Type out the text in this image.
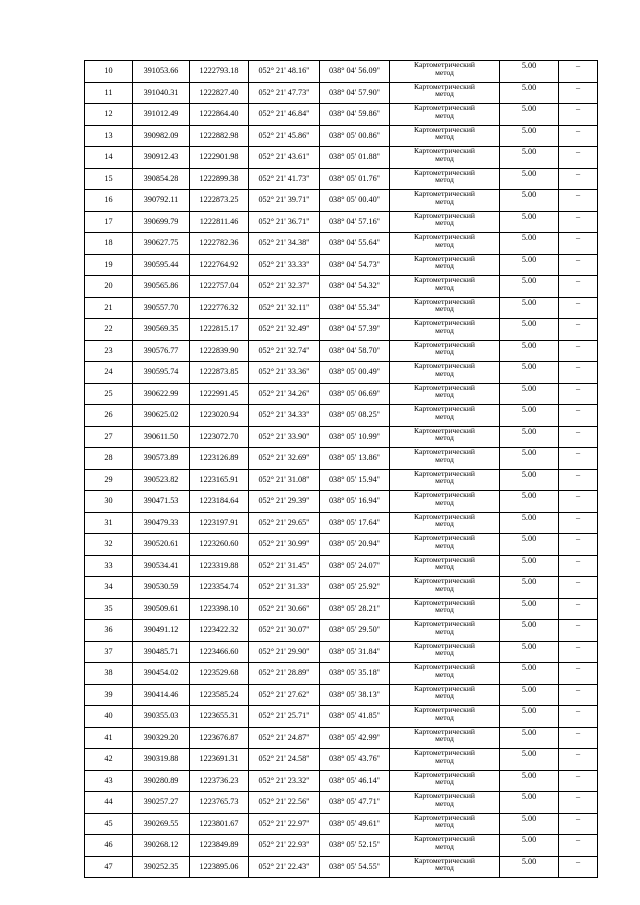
10	391053.66	1222793.18	052° 21' 48.16"	038° 04' 56.09"	Картометрический
метод	5.00	–
11	391040.31	1222827.40	052° 21' 47.73"	038° 04' 57.90"	Картометрический
метод	5.00	–
12	391012.49	1222864.40	052° 21' 46.84"	038° 04' 59.86"	Картометрический
метод	5.00	–
13	390982.09	1222882.98	052° 21' 45.86"	038° 05' 00.86"	Картометрический
метод	5.00	–
14	390912.43	1222901.98	052° 21' 43.61"	038° 05' 01.88"	Картометрический
метод	5.00	–
15	390854.28	1222899.38	052° 21' 41.73"	038° 05' 01.76"	Картометрический
метод	5.00	–
16	390792.11	1222873.25	052° 21' 39.71"	038° 05' 00.40"	Картометрический
метод	5.00	–
17	390699.79	1222811.46	052° 21' 36.71"	038° 04' 57.16"	Картометрический
метод	5.00	–
18	390627.75	1222782.36	052° 21' 34.38"	038° 04' 55.64"	Картометрический
метод	5.00	–
19	390595.44	1222764.92	052° 21' 33.33"	038° 04' 54.73"	Картометрический
метод	5.00	–
20	390565.86	1222757.04	052° 21' 32.37"	038° 04' 54.32"	Картометрический
метод	5.00	–
21	390557.70	1222776.32	052° 21' 32.11"	038° 04' 55.34"	Картометрический
метод	5.00	–
22	390569.35	1222815.17	052° 21' 32.49"	038° 04' 57.39"	Картометрический
метод	5.00	–
23	390576.77	1222839.90	052° 21' 32.74"	038° 04' 58.70"	Картометрический
метод	5.00	–
24	390595.74	1222873.85	052° 21' 33.36"	038° 05' 00.49"	Картометрический
метод	5.00	–
25	390622.99	1222991.45	052° 21' 34.26"	038° 05' 06.69"	Картометрический
метод	5.00	–
26	390625.02	1223020.94	052° 21' 34.33"	038° 05' 08.25"	Картометрический
метод	5.00	–
27	390611.50	1223072.70	052° 21' 33.90"	038° 05' 10.99"	Картометрический
метод	5.00	–
28	390573.89	1223126.89	052° 21' 32.69"	038° 05' 13.86"	Картометрический
метод	5.00	–
29	390523.82	1223165.91	052° 21' 31.08"	038° 05' 15.94"	Картометрический
метод	5.00	–
30	390471.53	1223184.64	052° 21' 29.39"	038° 05' 16.94"	Картометрический
метод	5.00	–
31	390479.33	1223197.91	052° 21' 29.65"	038° 05' 17.64"	Картометрический
метод	5.00	–
32	390520.61	1223260.60	052° 21' 30.99"	038° 05' 20.94"	Картометрический
метод	5.00	–
33	390534.41	1223319.88	052° 21' 31.45"	038° 05' 24.07"	Картометрический
метод	5.00	–
34	390530.59	1223354.74	052° 21' 31.33"	038° 05' 25.92"	Картометрический
метод	5.00	–
35	390509.61	1223398.10	052° 21' 30.66"	038° 05' 28.21"	Картометрический
метод	5.00	–
36	390491.12	1223422.32	052° 21' 30.07"	038° 05' 29.50"	Картометрический
метод	5.00	–
37	390485.71	1223466.60	052° 21' 29.90"	038° 05' 31.84"	Картометрический
метод	5.00	–
38	390454.02	1223529.68	052° 21' 28.89"	038° 05' 35.18"	Картометрический
метод	5.00	–
39	390414.46	1223585.24	052° 21' 27.62"	038° 05' 38.13"	Картометрический
метод	5.00	–
40	390355.03	1223655.31	052° 21' 25.71"	038° 05' 41.85"	Картометрический
метод	5.00	–
41	390329.20	1223676.87	052° 21' 24.87"	038° 05' 42.99"	Картометрический
метод	5.00	–
42	390319.88	1223691.31	052° 21' 24.58"	038° 05' 43.76"	Картометрический
метод	5.00	–
43	390280.89	1223736.23	052° 21' 23.32"	038° 05' 46.14"	Картометрический
метод	5.00	–
44	390257.27	1223765.73	052° 21' 22.56"	038° 05' 47.71"	Картометрический
метод	5.00	–
45	390269.55	1223801.67	052° 21' 22.97"	038° 05' 49.61"	Картометрический
метод	5.00	–
46	390268.12	1223849.89	052° 21' 22.93"	038° 05' 52.15"	Картометрический
метод	5.00	–
47	390252.35	1223895.06	052° 21' 22.43"	038° 05' 54.55"	Картометрический
метод	5.00	–
